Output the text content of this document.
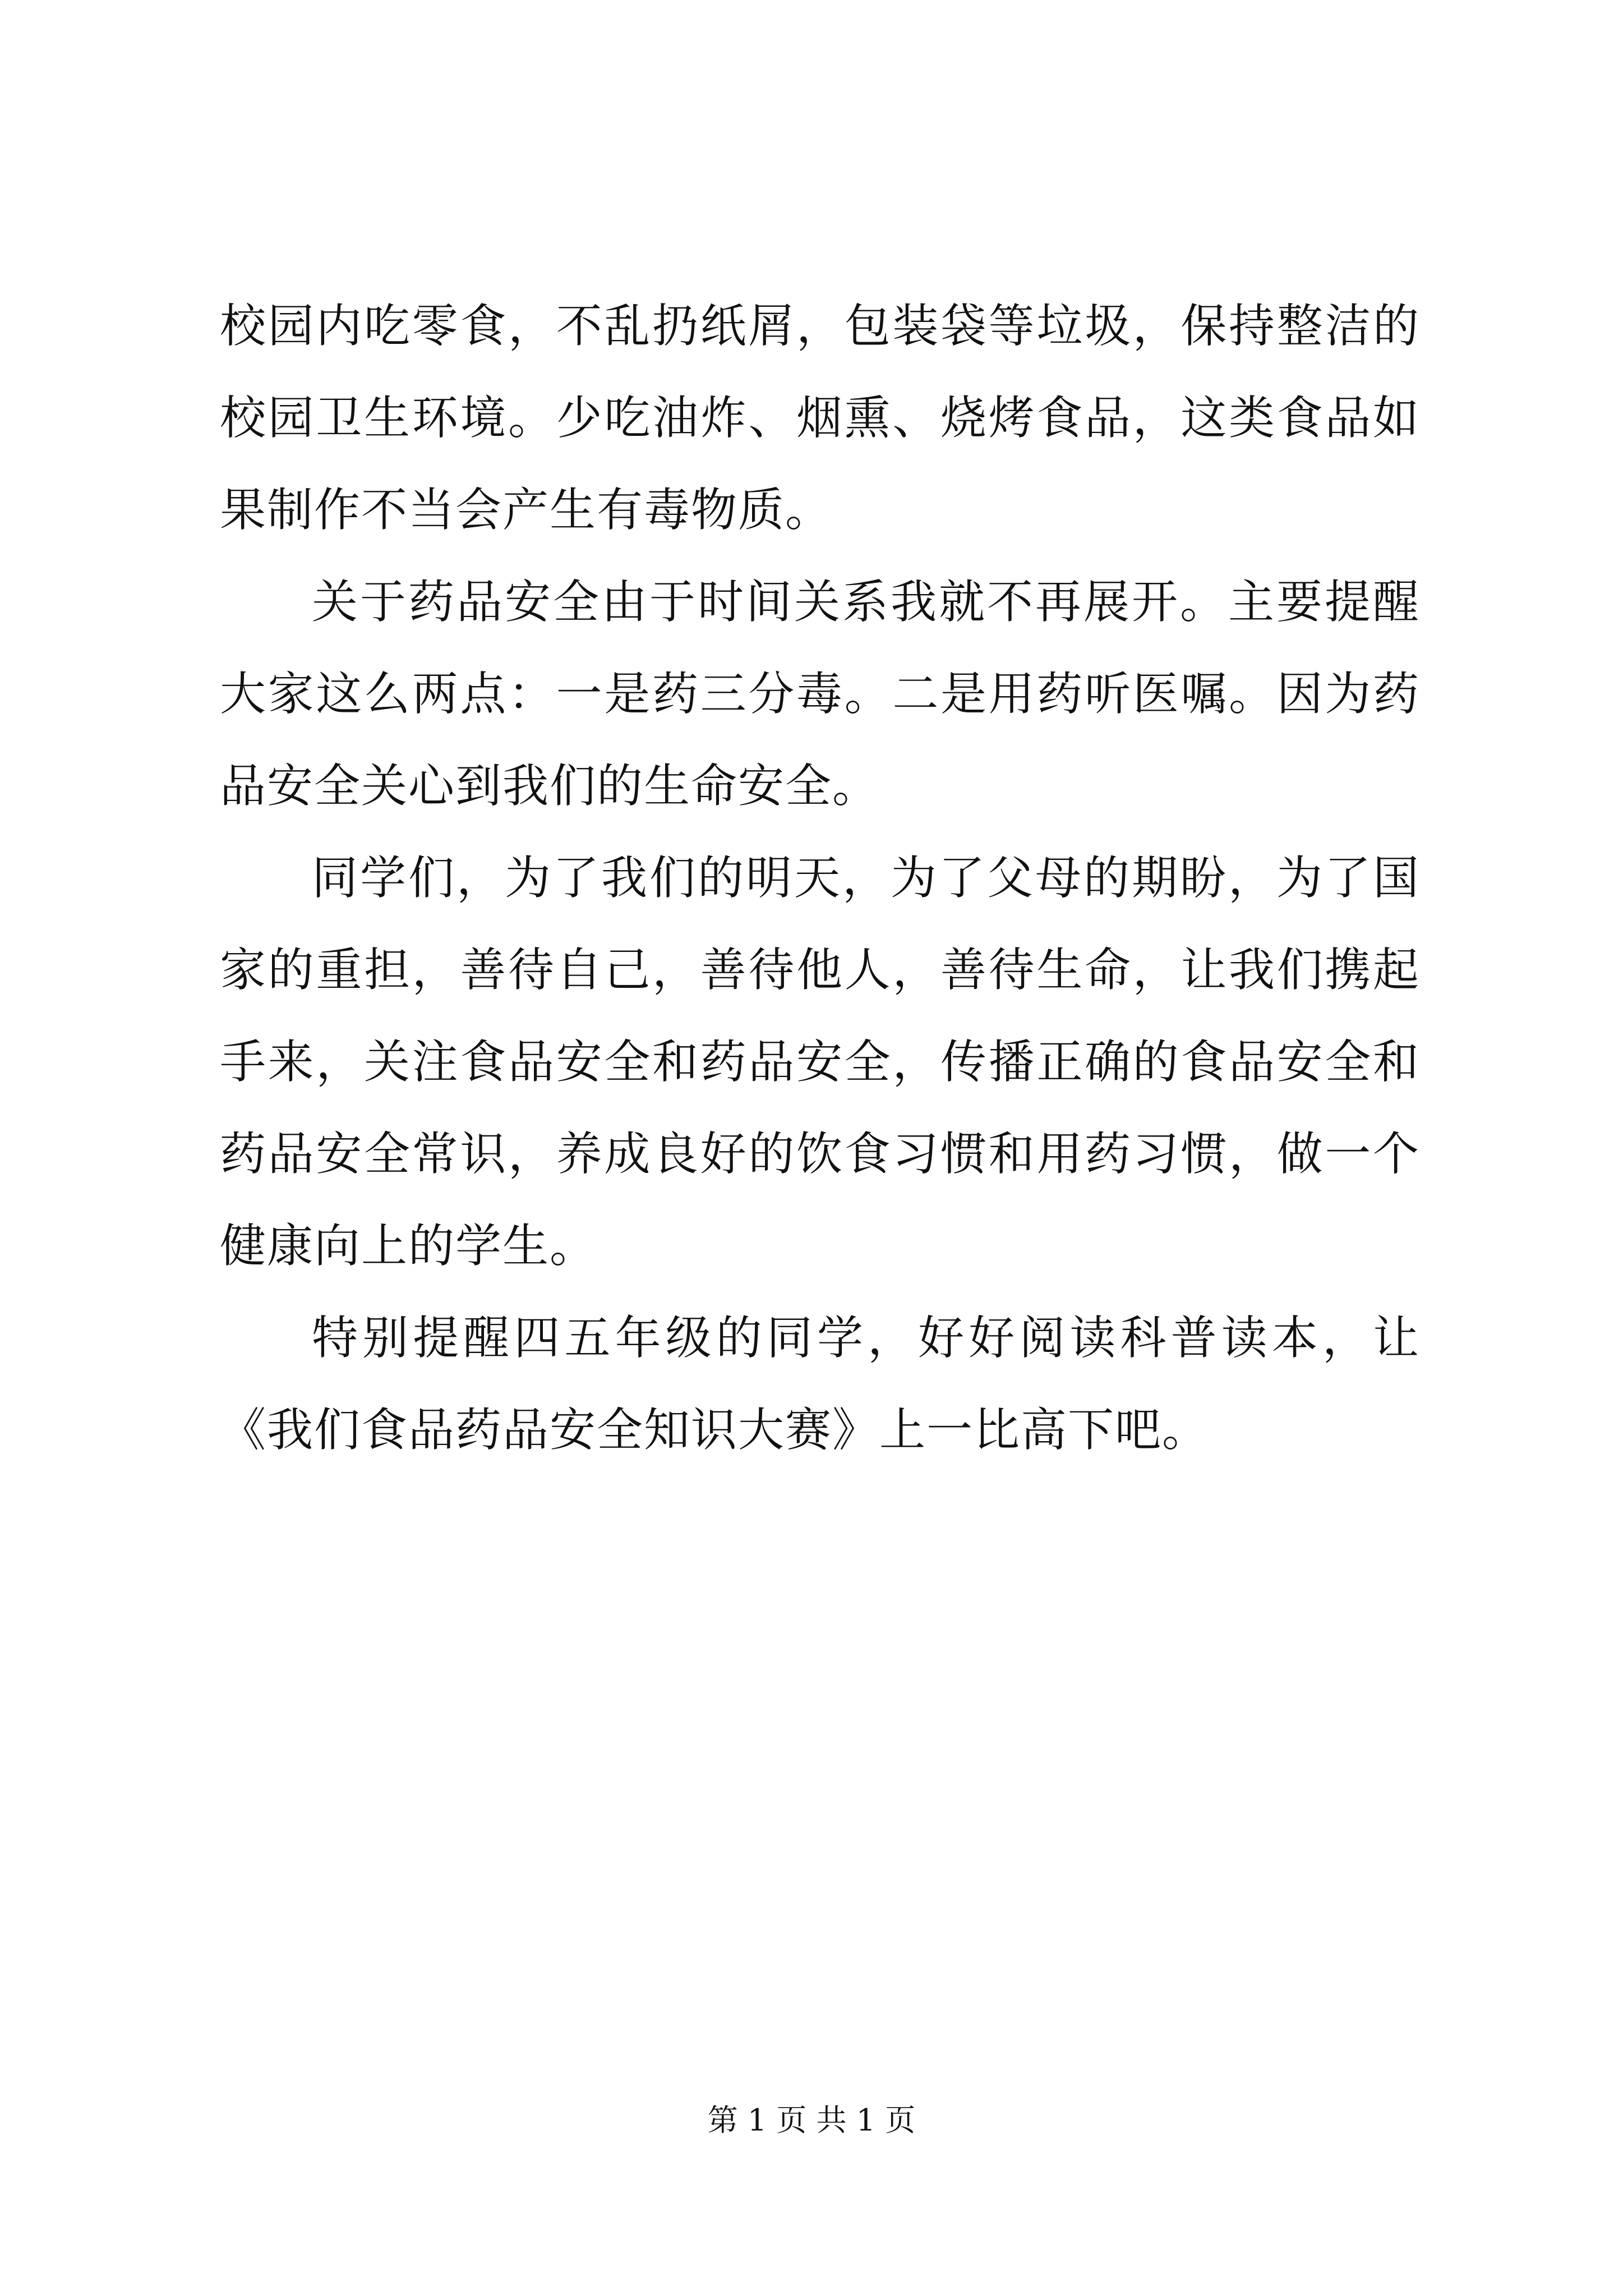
校园内吃零食，不乱扔纸屑，包装袋等垃圾，保持整洁的校园卫生环境。少吃油炸、烟熏、烧烤食品，这类食品如果制作不当会产生有毒物质。

关于药品安全由于时间关系我就不再展开。主要提醒大家这么两点：一是药三分毒。二是用药听医嘱。因为药品安全关心到我们的生命安全。

同学们，为了我们的明天，为了父母的期盼，为了国家的重担，善待自己，善待他人，善待生命，让我们携起手来，关注食品安全和药品安全，传播正确的食品安全和药品安全常识，养成良好的饮食习惯和用药习惯，做一个健康向上的学生。

特别提醒四五年级的同学，好好阅读科普读本，让《我们食品药品安全知识大赛》上一比高下吧。

第 1 页 共 1 页
